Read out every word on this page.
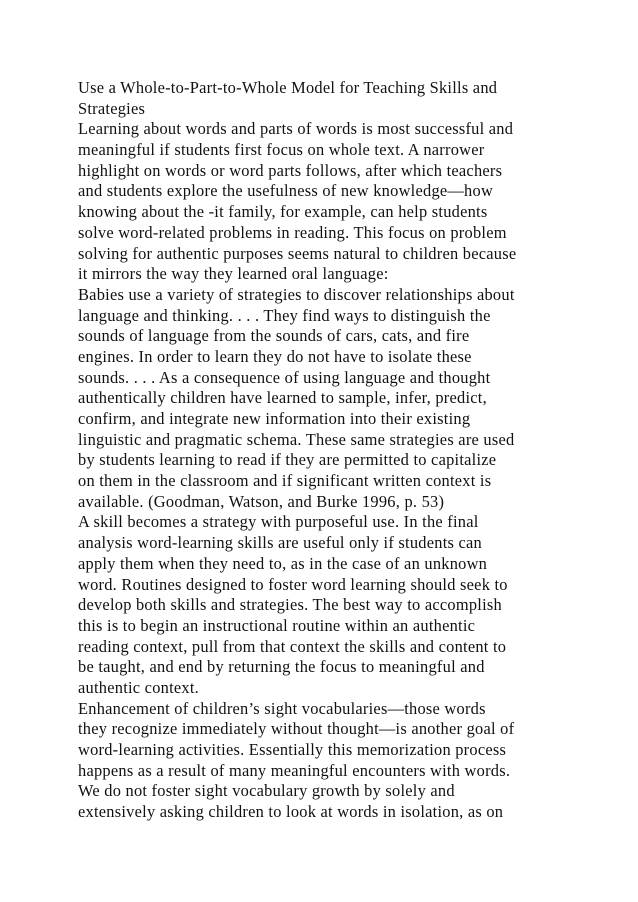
Use a Whole-to-Part-to-Whole Model for Teaching Skills and
Strategies
Learning about words and parts of words is most successful and
meaningful if students first focus on whole text. A narrower
highlight on words or word parts follows, after which teachers
and students explore the usefulness of new knowledge—how
knowing about the -it family, for example, can help students
solve word-related problems in reading. This focus on problem
solving for authentic purposes seems natural to children because
it mirrors the way they learned oral language:
Babies use a variety of strategies to discover relationships about
language and thinking. . . . They find ways to distinguish the
sounds of language from the sounds of cars, cats, and fire
engines. In order to learn they do not have to isolate these
sounds. . . . As a consequence of using language and thought
authentically children have learned to sample, infer, predict,
confirm, and integrate new information into their existing
linguistic and pragmatic schema. These same strategies are used
by students learning to read if they are permitted to capitalize
on them in the classroom and if significant written context is
available. (Goodman, Watson, and Burke 1996, p. 53)
A skill becomes a strategy with purposeful use. In the final
analysis word-learning skills are useful only if students can
apply them when they need to, as in the case of an unknown
word. Routines designed to foster word learning should seek to
develop both skills and strategies. The best way to accomplish
this is to begin an instructional routine within an authentic
reading context, pull from that context the skills and content to
be taught, and end by returning the focus to meaningful and
authentic context.
Enhancement of children’s sight vocabularies—those words
they recognize immediately without thought—is another goal of
word-learning activities. Essentially this memorization process
happens as a result of many meaningful encounters with words.
We do not foster sight vocabulary growth by solely and
extensively asking children to look at words in isolation, as on
